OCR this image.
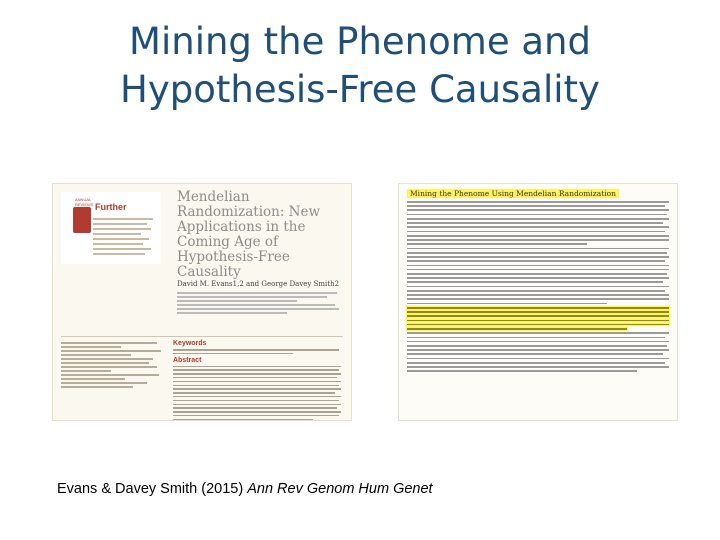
Mining the Phenome and Hypothesis-Free Causality
ANNUAL
REVIEWS Further
Mendelian Randomization: New Applications in the Coming Age of Hypothesis-Free Causality
David M. Evans1,2 and George Davey Smith2
Keywords
Abstract
Mining the Phenome Using Mendelian Randomization
Evans & Davey Smith (2015) Ann Rev Genom Hum Genet
